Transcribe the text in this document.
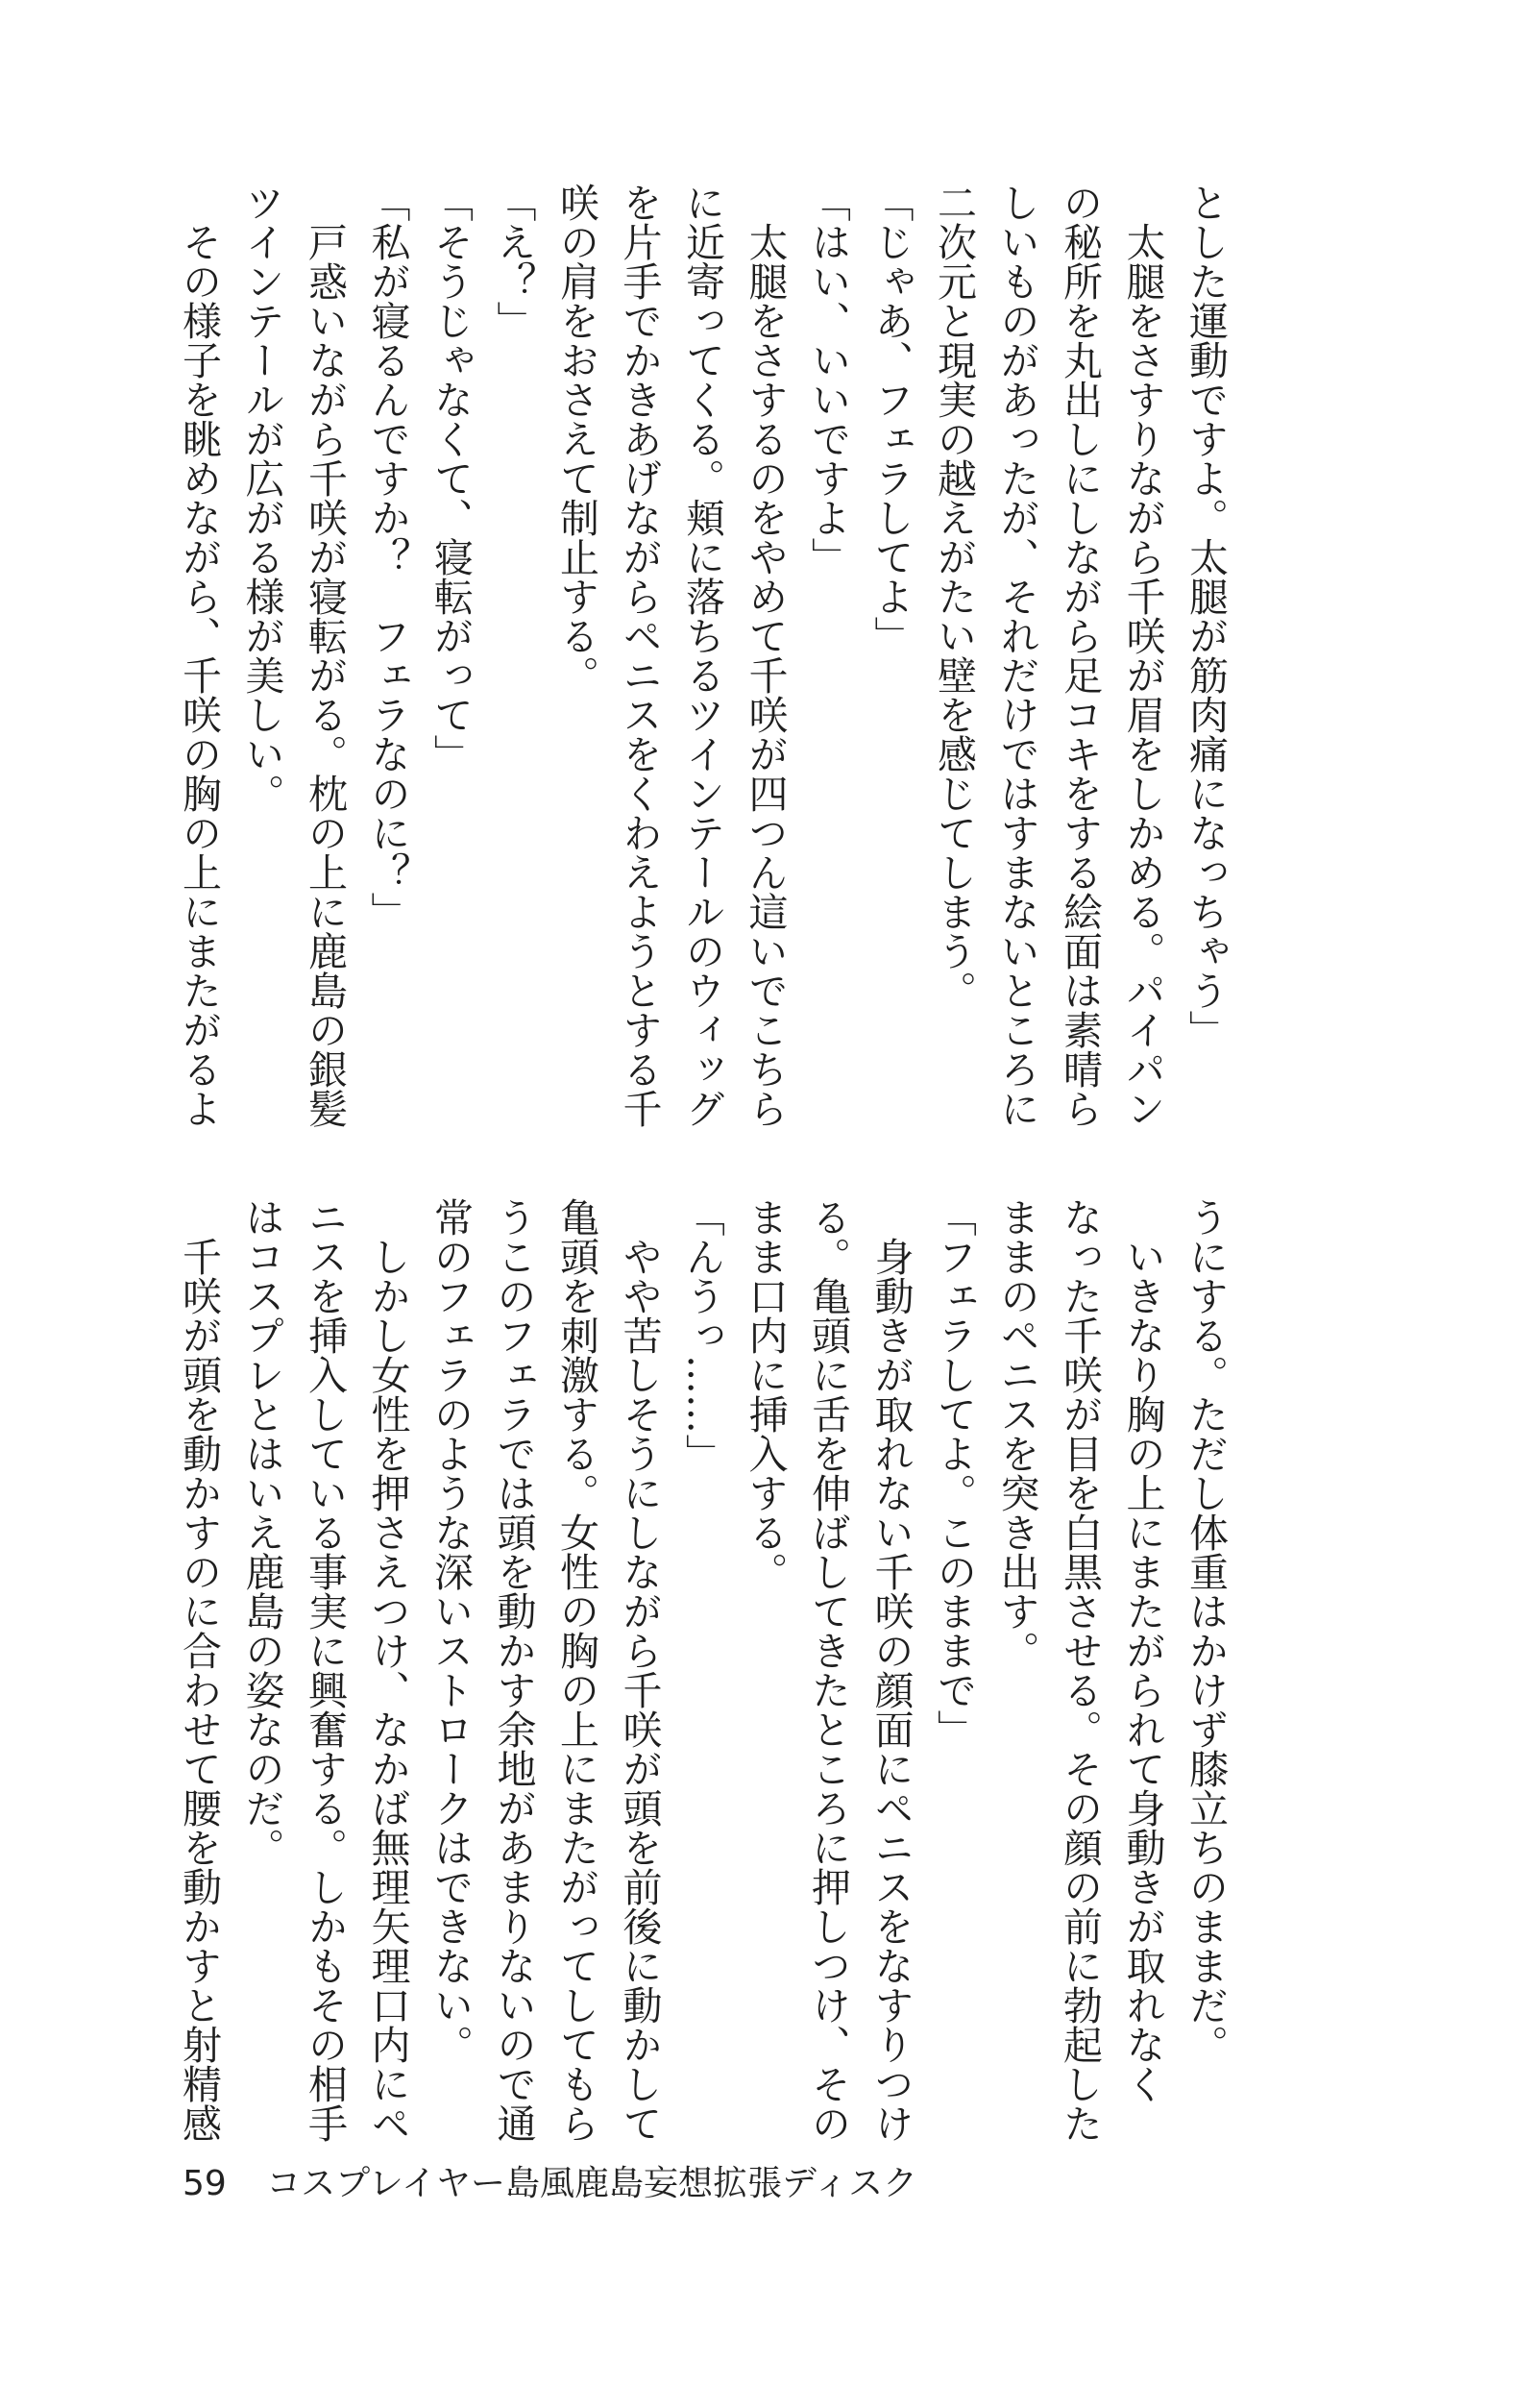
とした運動ですよ。太腿が筋肉痛になっちゃう」
　太腿をさすりながら千咲が眉をしかめる。パイパン
の秘所を丸出しにしながら足コキをする絵面は素晴ら
しいものがあったが、それだけではすまないところに
二次元と現実の越えがたい壁を感じてしまう。
「じゃあ、フェラしてよ」
「はい、いいですよ」
　太腿をさするのをやめて千咲が四つん這いでこちら
に近寄ってくる。頬に落ちるツインテールのウィッグ
を片手でかきあげながらペニスをくわえようとする千
咲の肩をおさえて制止する。
「え？」
「そうじゃなくて、寝転がって」
「私が寝るんですか？　フェラなのに？」
　戸惑いながら千咲が寝転がる。枕の上に鹿島の銀髪
ツインテールが広がる様が美しい。
　その様子を眺めながら、千咲の胸の上にまたがるよ
うにする。ただし体重はかけず膝立ちのままだ。
　いきなり胸の上にまたがられて身動きが取れなく
なった千咲が目を白黒させる。その顔の前に勃起した
ままのペニスを突き出す。
「フェラしてよ。このままで」
　身動きが取れない千咲の顔面にペニスをなすりつけ
る。亀頭に舌を伸ばしてきたところに押しつけ、その
まま口内に挿入する。
「んうっ……」
　やや苦しそうにしながら千咲が頭を前後に動かして
亀頭を刺激する。女性の胸の上にまたがってしてもら
うこのフェラでは頭を動かす余地があまりないので通
常のフェラのような深いストロークはできない。
　しかし女性を押さえつけ、なかば無理矢理口内にペ
ニスを挿入している事実に興奮する。しかもその相手
はコスプレとはいえ鹿島の姿なのだ。
　千咲が頭を動かすのに合わせて腰を動かすと射精感
59 コスプレイヤー島風鹿島妄想拡張ディスク
